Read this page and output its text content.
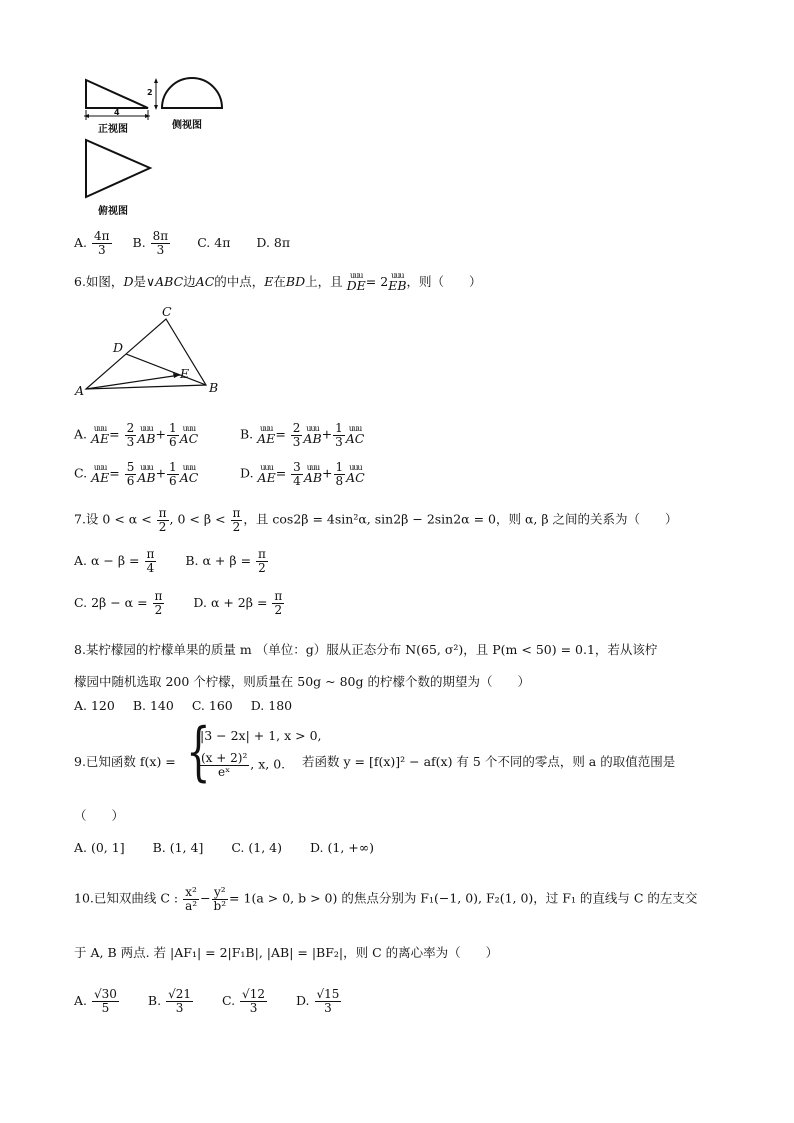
4
2
正视图	侧视图
俯视图
A. $\frac{4\pi}{3} B$. $\frac{8\pi}{3} C$. 4π D. 8π
6.如图，D是∨ABC边AC的中点，E在BD上，且 uuu
DE = 2 uuu
EB ，则（　　）
A	B
C
D
E
A. uuu
AE = $\frac{2}{3}$ uuu
AB + $\frac{1}{6}$ uuu
AC	B. uuu
AE = $\frac{2}{3}$ uuu
AB + $\frac{1}{3}$ uuu
AC
C. uuu
AE = $\frac{5}{6}$ uuu
AB + $\frac{1}{6}$ uuu
AC	D. uuu
AE = $\frac{3}{4}$ uuu
AB + $\frac{1}{8}$ uuu
AC
7.设 $0 < \alpha < \frac{\pi}{2}$ , $0 < \beta < \frac{\pi}{2}$ ，且 cos2β = 4sin²α, sin2β − 2sin2α = 0，则 α, β 之间的关系为（　　）
A. $\alpha - \beta = \frac{\pi}{4} B$. $\alpha + \beta = \frac{\pi}{2}$
C. $2\beta - \alpha = \frac{\pi}{2} D$. $\alpha + 2\beta = \frac{\pi}{2}$
8.某柠檬园的柠檬单果的质量 m （单位：g）服从正态分布 N(65, σ²)，且 P(m < 50) = 0.1，若从该柠
檬园中随机选取 200 个柠檬，则质量在 50g ~ 80g 的柠檬个数的期望为（　　）
A. 120 B. 140 C. 160 D. 180
9.已知函数 f(x) = {
|3 − 2x| + 1, x > 0,
$\frac{\text{(x + 2)²}}{\text{eˣ}}$ , x, 0. 若函数 y = [f(x)]² − af(x) 有 5 个不同的零点，则 a 的取值范围是
（　　）
A. (0, 1] B. (1, 4] C. (1, 4) D. (1, +∞)
10.已知双曲线 C : $\frac{\text{x²}}{\text{a²}} - \frac{\text{y²}}{\text{b²}} = 1(a > 0$, b > 0) 的焦点分别为 F₁(−1, 0), F₂(1, 0)，过 F₁ 的直线与 C 的左支交
于 A, B 两点. 若 |AF₁| = 2|F₁B|, |AB| = |BF₂|，则 C 的离心率为（　　）
A. $\frac{√30}{5} B$. $\frac{√21}{3} C$. $\frac{√12}{3} D$. $\frac{√15}{3}$
